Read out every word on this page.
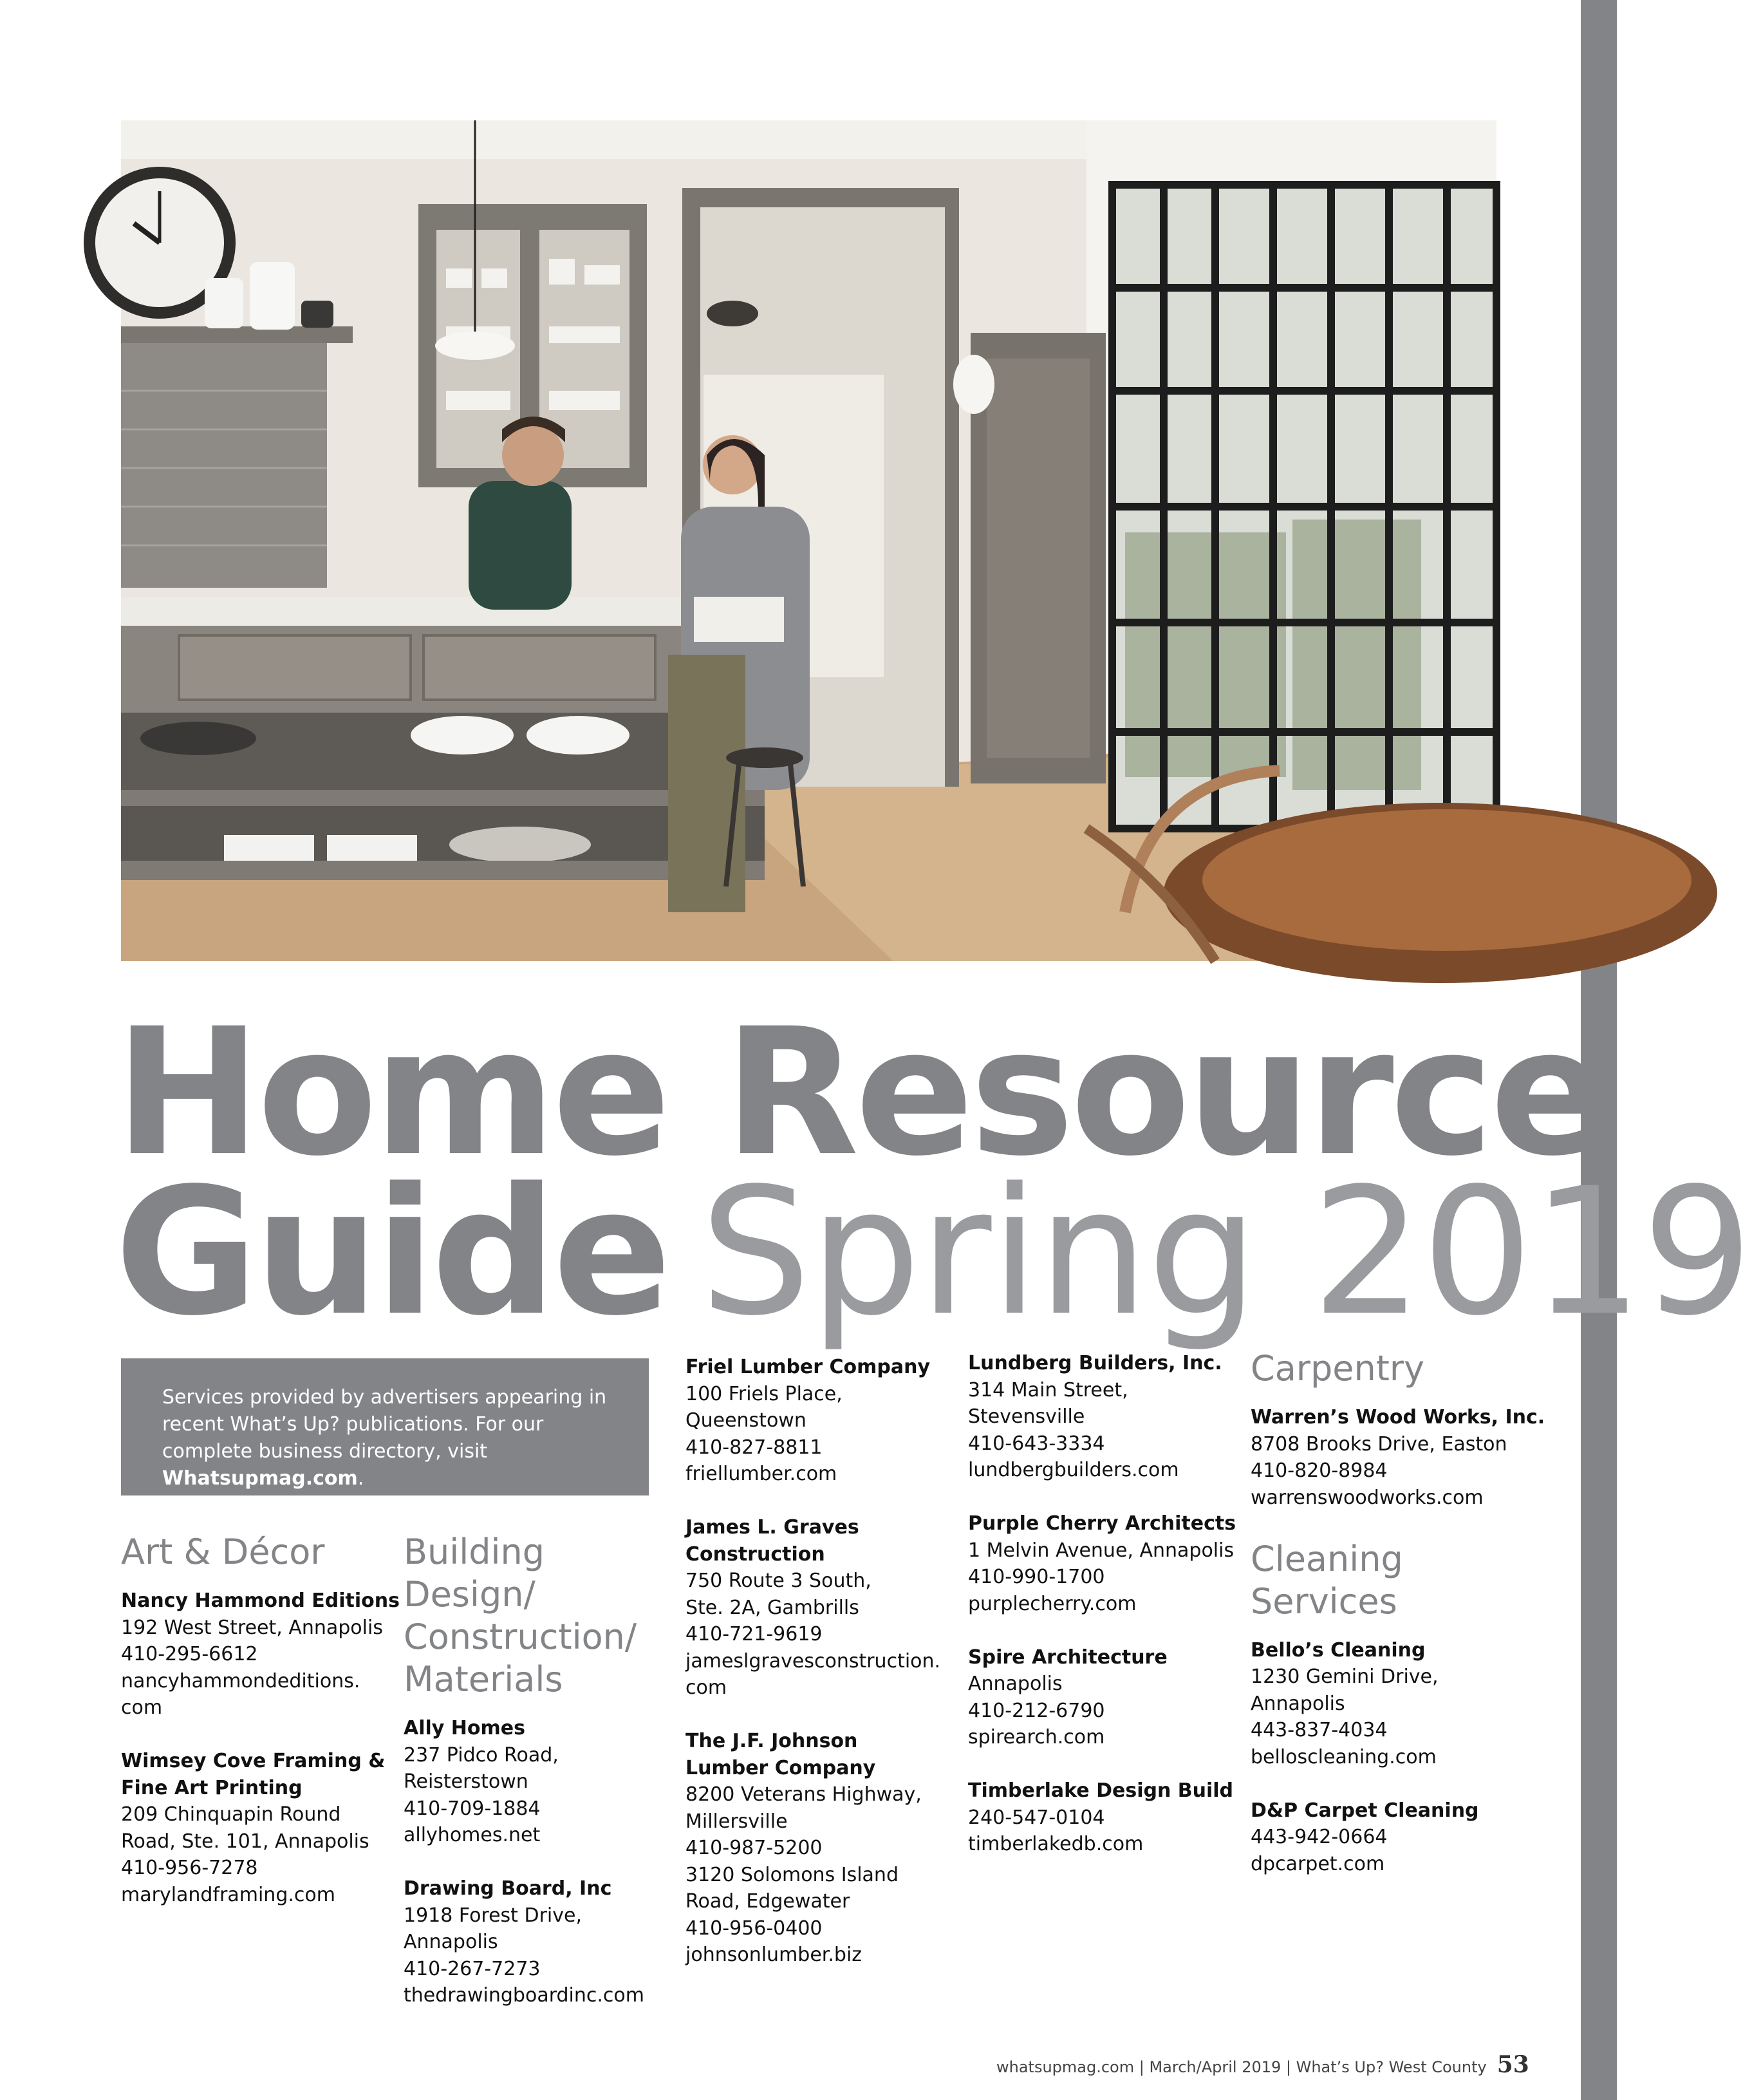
Home Resource
Guide Spring 2019
Services provided by advertisers appearing in recent What’s Up? publications. For our complete business directory, visit Whatsupmag.com.
Art & Décor
Nancy Hammond Editions
192 West Street, Annapolis
410-295-6612
nancyhammondeditions.
com
Wimsey Cove Framing &
Fine Art Printing
209 Chinquapin Round
Road, Ste. 101, Annapolis
410-956-7278
marylandframing.com
Building Design/
Construction/
Materials
Ally Homes
237 Pidco Road,
Reisterstown
410-709-1884
allyhomes.net
Drawing Board, Inc
1918 Forest Drive,
Annapolis
410-267-7273
thedrawingboardinc.com
Friel Lumber Company
100 Friels Place,
Queenstown
410-827-8811
friellumber.com
James L. Graves
Construction
750 Route 3 South,
Ste. 2A, Gambrills
410-721-9619
jameslgravesconstruction.
com
The J.F. Johnson
Lumber Company
8200 Veterans Highway,
Millersville
410-987-5200
3120 Solomons Island
Road, Edgewater
410-956-0400
johnsonlumber.biz
Lundberg Builders, Inc.
314 Main Street,
Stevensville
410-643-3334
lundbergbuilders.com
Purple Cherry Architects
1 Melvin Avenue, Annapolis
410-990-1700
purplecherry.com
Spire Architecture
Annapolis
410-212-6790
spirearch.com
Timberlake Design Build
240-547-0104
timberlakedb.com
Carpentry
Warren’s Wood Works, Inc.
8708 Brooks Drive, Easton
410-820-8984
warrenswoodworks.com
Cleaning
Services
Bello’s Cleaning
1230 Gemini Drive,
Annapolis
443-837-4034
belloscleaning.com
D&P Carpet Cleaning
443-942-0664
dpcarpet.com
whatsupmag.com | March/April 2019 | What’s Up? West County 53
